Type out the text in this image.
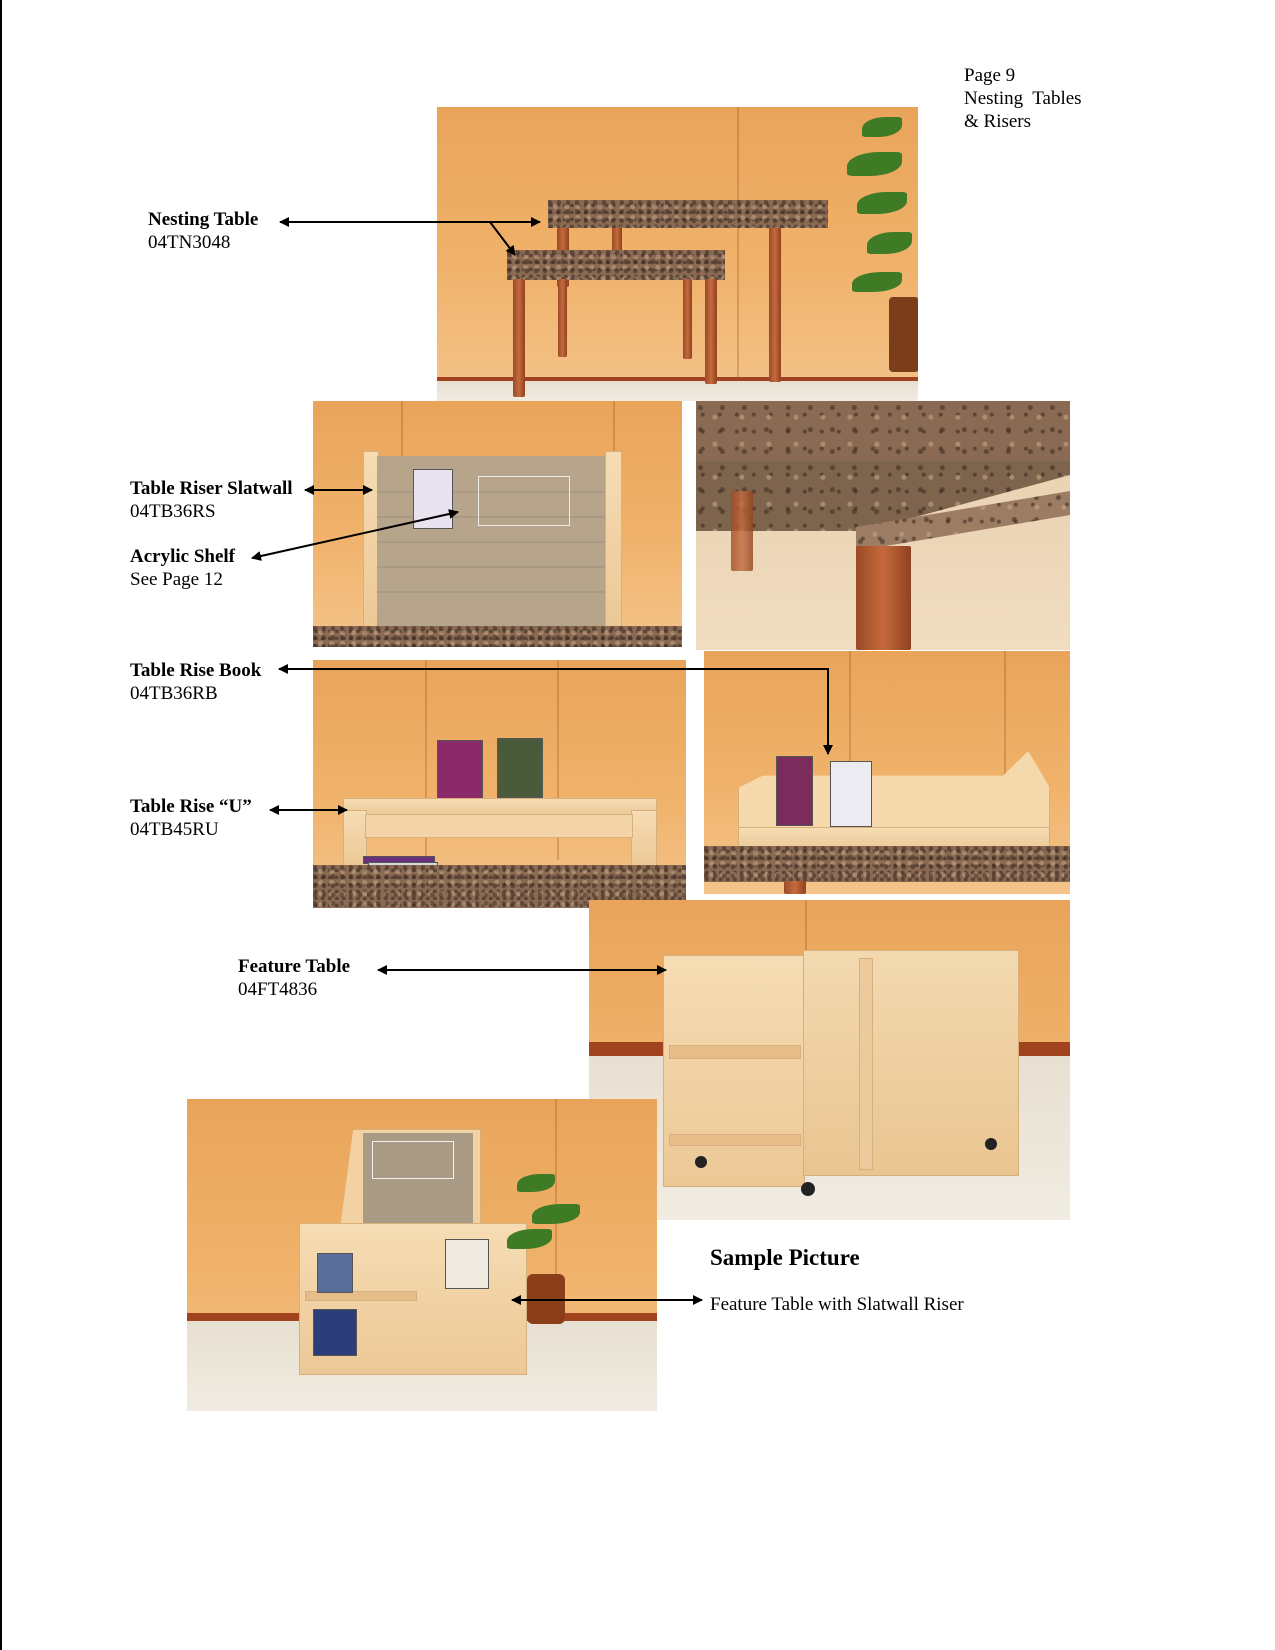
Page 9
Nesting  Tables
& Risers
Nesting Table
04TN3048
Table Riser Slatwall
04TB36RS
Acrylic Shelf
See Page 12
Table Rise Book
04TB36RB
Table Rise “U”
04TB45RU
Feature Table
04FT4836
Sample Picture
Feature Table with Slatwall Riser
